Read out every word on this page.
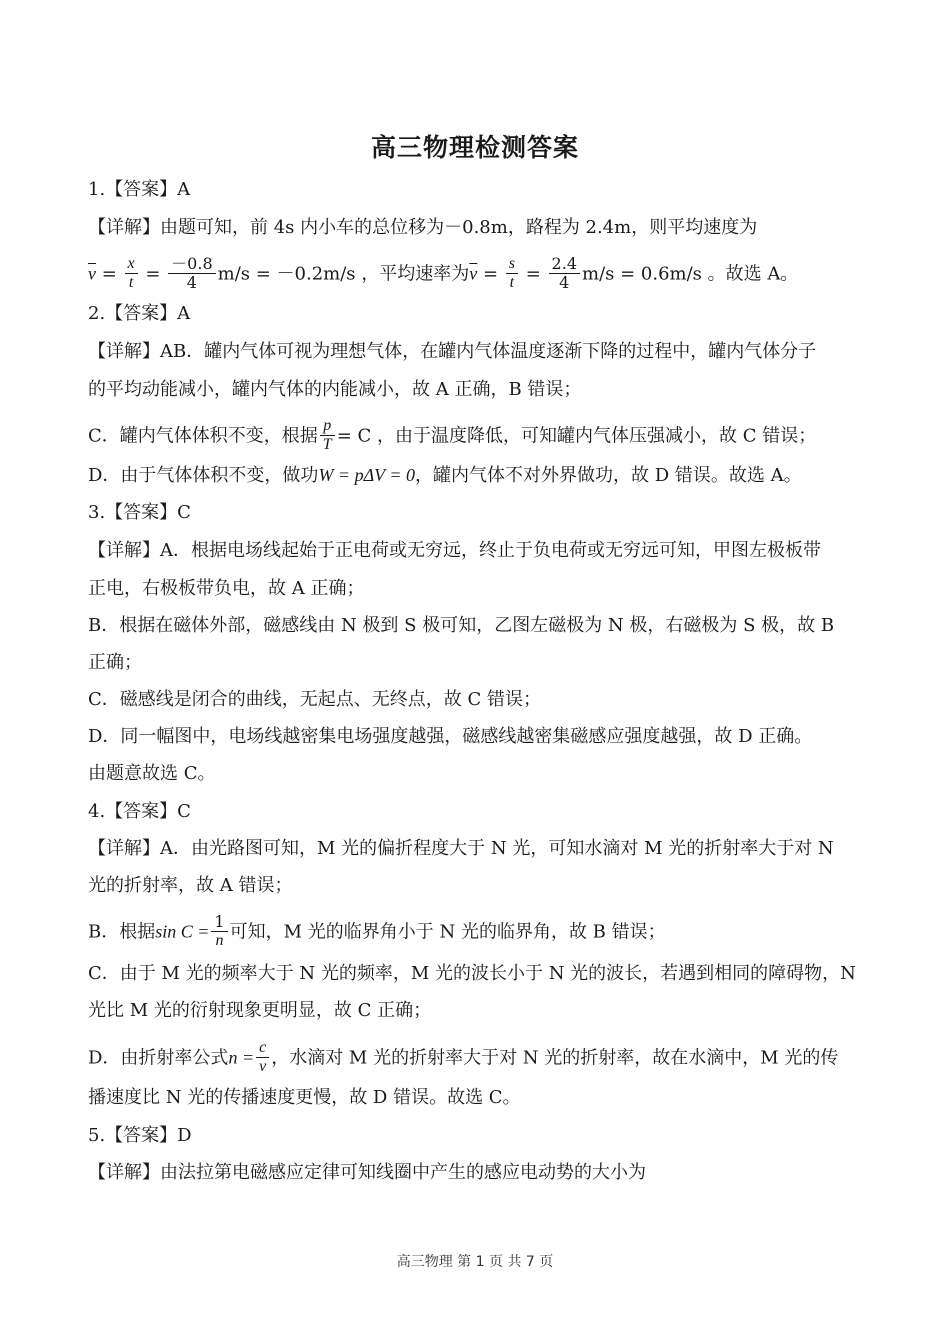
高三物理检测答案
1.【答案】A
【详解】由题可知，前 4s 内小车的总位移为－0.8m，路程为 2.4m，则平均速度为
$\overline{v} = \frac{x}{t} = \frac{-0.8}{4} m/s = -0.2m/s$ ，平均速率为$\overline{v} = \frac{s}{t} = \frac{2.4}{4} m/s = 0.6m/s$ 。故选 A。
2.【答案】A
【详解】AB．罐内气体可视为理想气体，在罐内气体温度逐渐下降的过程中，罐内气体分子
的平均动能减小，罐内气体的内能减小，故 A 正确，B 错误；
C．罐内气体体积不变，根据 $\frac{p}{T} = C$ ，由于温度降低，可知罐内气体压强减小，故 C 错误；
D．由于气体体积不变，做功W = pΔV = 0，罐内气体不对外界做功，故 D 错误。故选 A。
3.【答案】C
【详解】A．根据电场线起始于正电荷或无穷远，终止于负电荷或无穷远可知，甲图左极板带
正电，右极板带负电，故 A 正确；
B．根据在磁体外部，磁感线由 N 极到 S 极可知，乙图左磁极为 N 极，右磁极为 S 极，故 B
正确；
C．磁感线是闭合的曲线，无起点、无终点，故 C 错误；
D．同一幅图中，电场线越密集电场强度越强，磁感线越密集磁感应强度越强，故 D 正确。
由题意故选 C。
4.【答案】C
【详解】A．由光路图可知，M 光的偏折程度大于 N 光，可知水滴对 M 光的折射率大于对 N
光的折射率，故 A 错误；
B．根据$\sin C = \frac{1}{n}$ 可知，M 光的临界角小于 N 光的临界角，故 B 错误；
C．由于 M 光的频率大于 N 光的频率，M 光的波长小于 N 光的波长，若遇到相同的障碍物，N
光比 M 光的衍射现象更明显，故 C 正确；
D．由折射率公式$n = \frac{c}{v}$ ，水滴对 M 光的折射率大于对 N 光的折射率，故在水滴中，M 光的传
播速度比 N 光的传播速度更慢，故 D 错误。故选 C。
5.【答案】D
【详解】由法拉第电磁感应定律可知线圈中产生的感应电动势的大小为
高三物理 第 1 页 共 7 页
